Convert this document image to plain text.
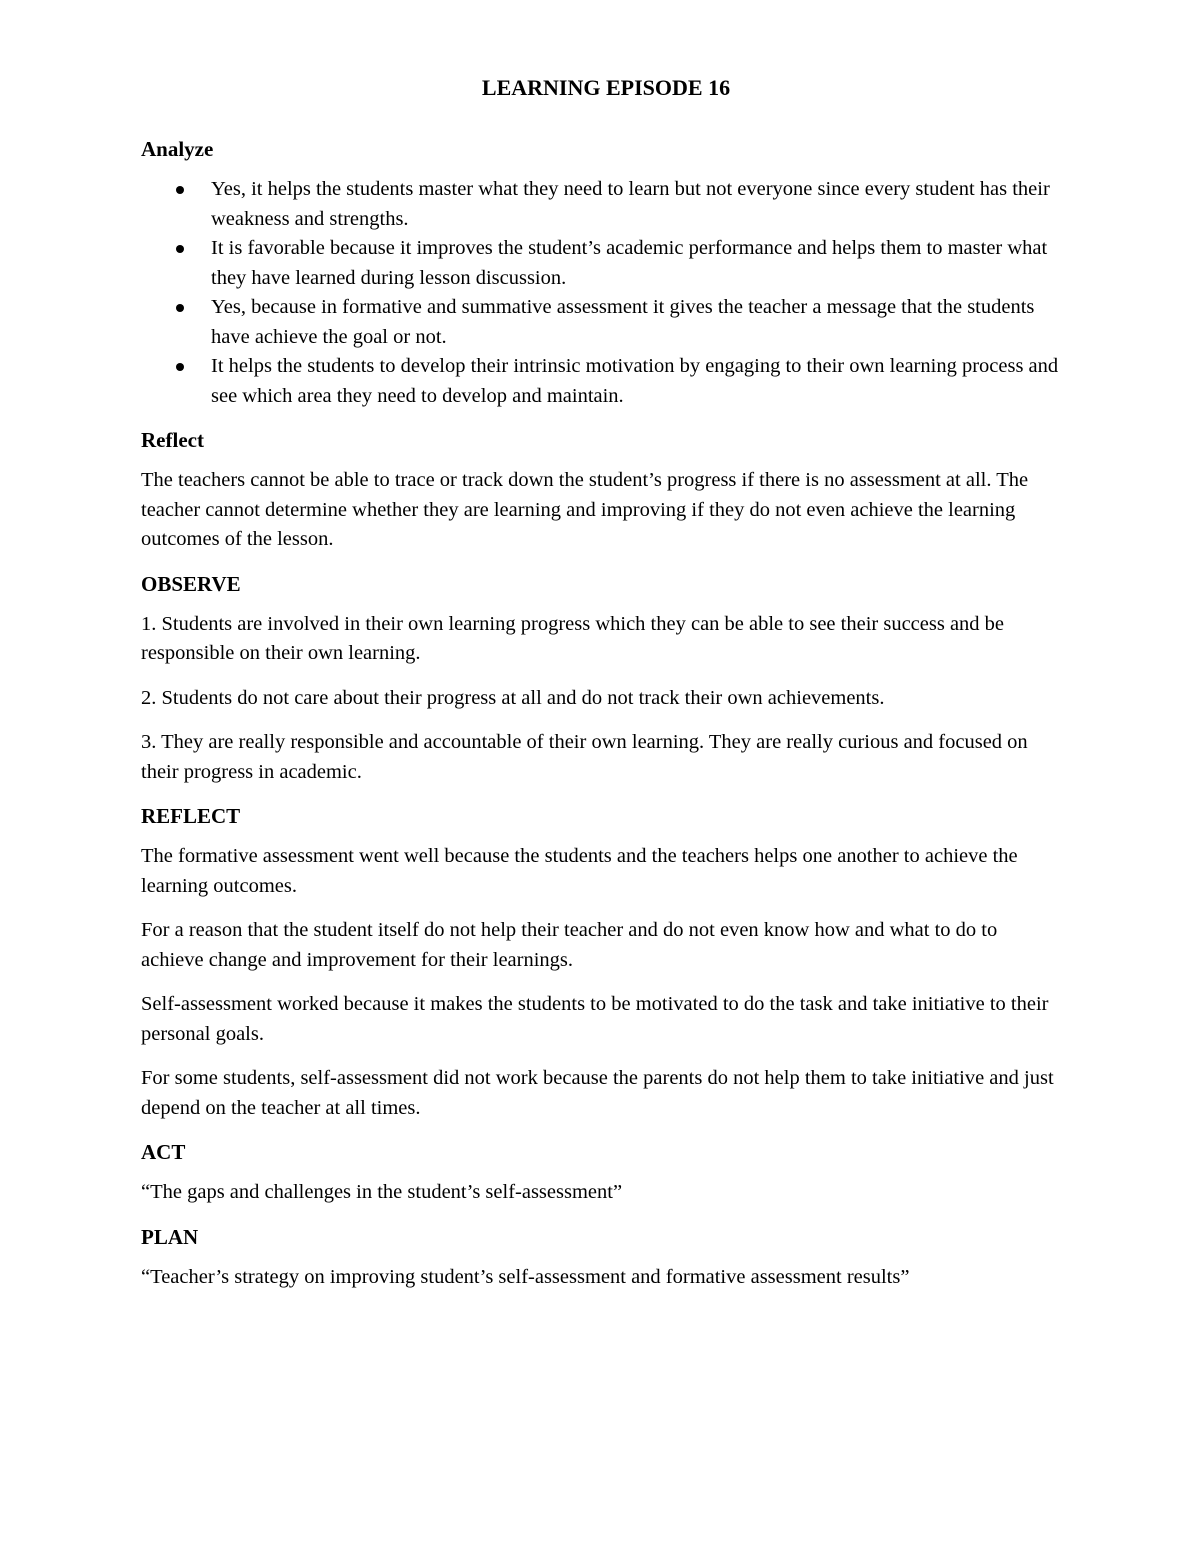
LEARNING EPISODE 16
Analyze
Yes, it helps the students master what they need to learn but not everyone since every student has their weakness and strengths.
It is favorable because it improves the student’s academic performance and helps them to master what they have learned during lesson discussion.
Yes, because in formative and summative assessment it gives the teacher a message that the students have achieve the goal or not.
It helps the students to develop their intrinsic motivation by engaging to their own learning process and see which area they need to develop and maintain.
Reflect

The teachers cannot be able to trace or track down the student’s progress if there is no assessment at all. The teacher cannot determine whether they are learning and improving if they do not even achieve the learning outcomes of the lesson.

OBSERVE

1. Students are involved in their own learning progress which they can be able to see their success and be responsible on their own learning.

2. Students do not care about their progress at all and do not track their own achievements.

3. They are really responsible and accountable of their own learning. They are really curious and focused on their progress in academic.

REFLECT

The formative assessment went well because the students and the teachers helps one another to achieve the learning outcomes.

For a reason that the student itself do not help their teacher and do not even know how and what to do to achieve change and improvement for their learnings.

Self-assessment worked because it makes the students to be motivated to do the task and take initiative to their personal goals.

For some students, self-assessment did not work because the parents do not help them to take initiative and just depend on the teacher at all times.

ACT

“The gaps and challenges in the student’s self-assessment”

PLAN

“Teacher’s strategy on improving student’s self-assessment and formative assessment results”
